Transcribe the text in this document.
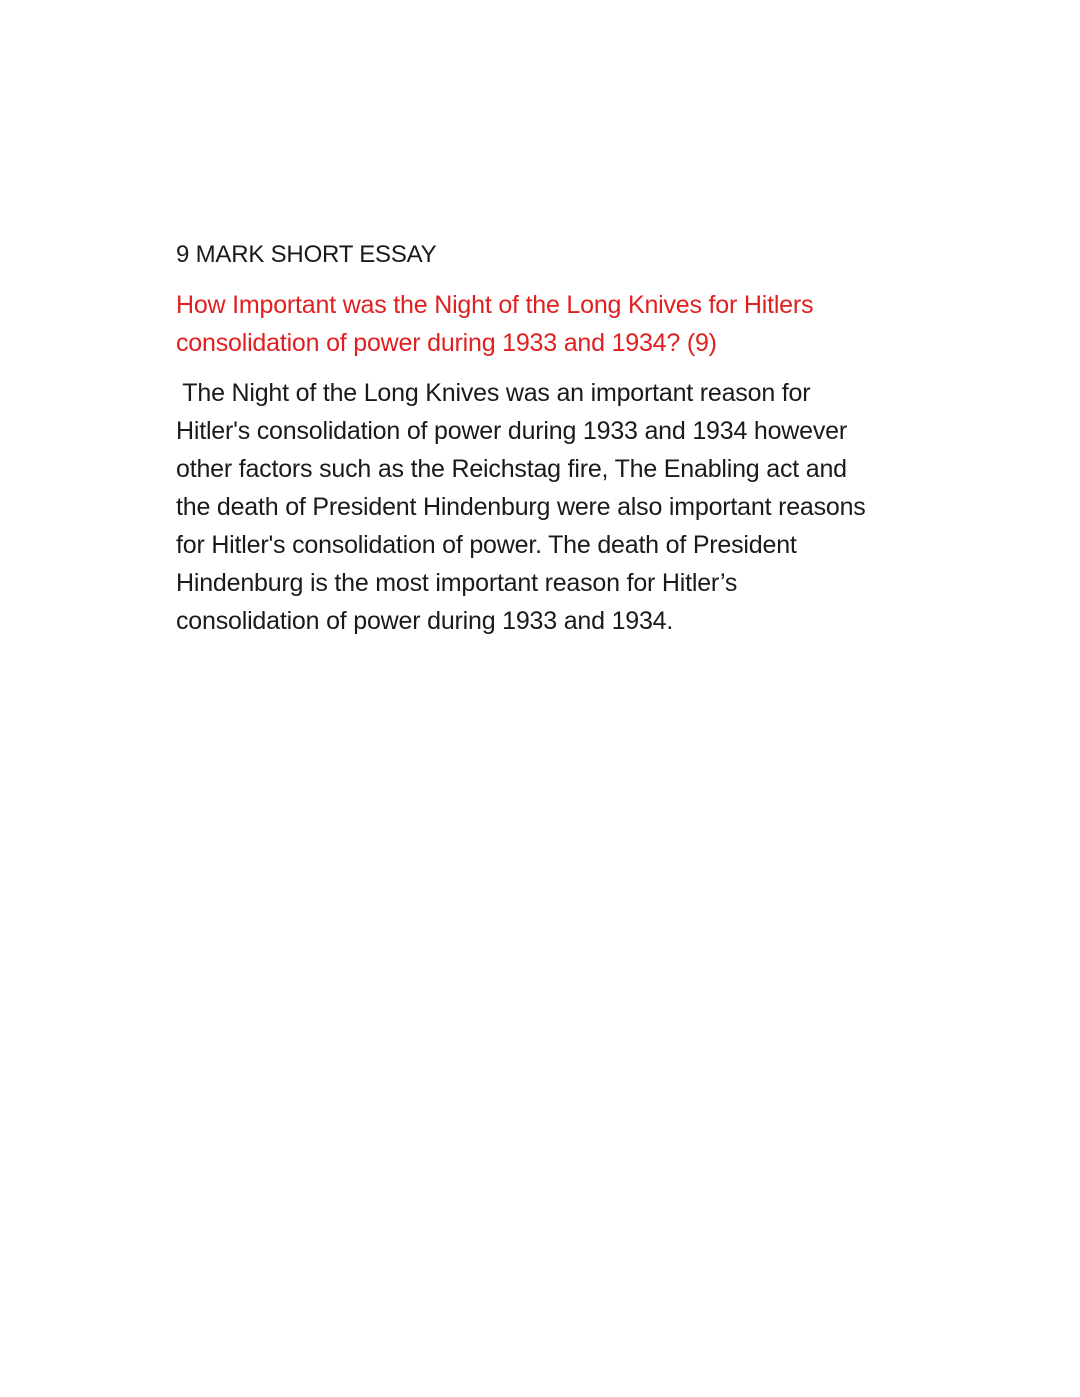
9 MARK SHORT ESSAY
How Important was the Night of the Long Knives for Hitlers
consolidation of power during 1933 and 1934? (9)
The Night of the Long Knives was an important reason for
Hitler's consolidation of power during 1933 and 1934 however
other factors such as the Reichstag fire, The Enabling act and
the death of President Hindenburg were also important reasons
for Hitler's consolidation of power. The death of President
Hindenburg is the most important reason for Hitler’s
consolidation of power during 1933 and 1934.
